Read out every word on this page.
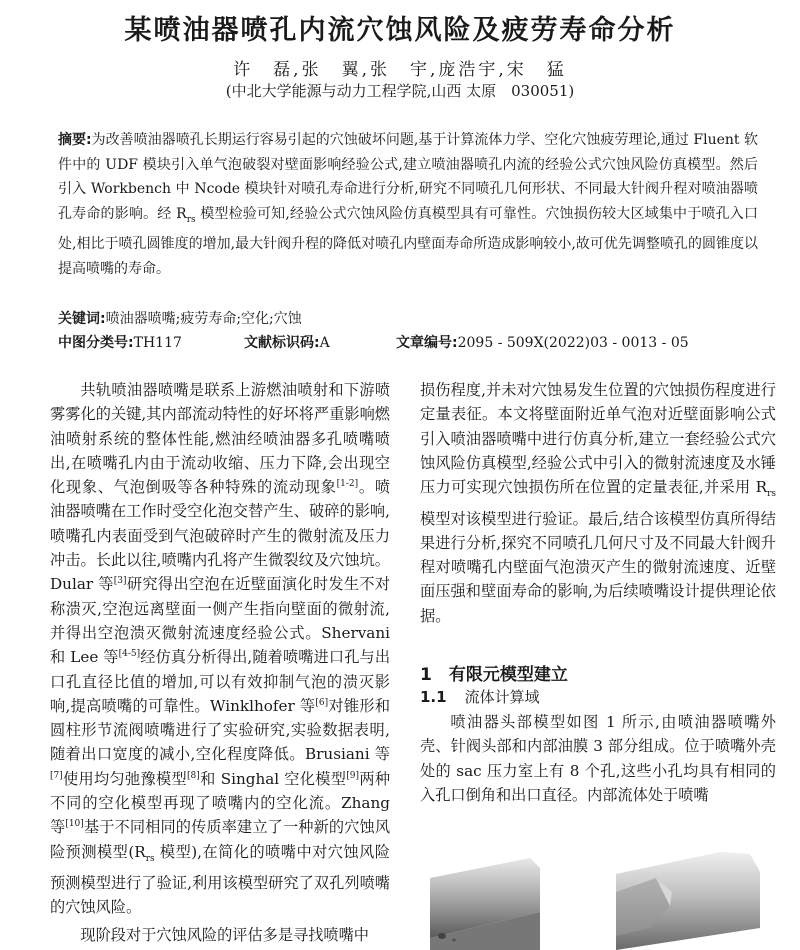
某喷油器喷孔内流穴蚀风险及疲劳寿命分析
许　磊,张　翼,张　宇,庞浩宇,宋　猛
(中北大学能源与动力工程学院,山西 太原　030051)
摘要:为改善喷油器喷孔长期运行容易引起的穴蚀破坏问题,基于计算流体力学、空化穴蚀疲劳理论,通过 Fluent 软件中的 UDF 模块引入单气泡破裂对壁面影响经验公式,建立喷油器喷孔内流的经验公式穴蚀风险仿真模型。然后引入 Workbench 中 Ncode 模块针对喷孔寿命进行分析,研究不同喷孔几何形状、不同最大针阀升程对喷油器喷孔寿命的影响。经 $R_{rs}$ 模型检验可知,经验公式穴蚀风险仿真模型具有可靠性。穴蚀损伤较大区域集中于喷孔入口处,相比于喷孔圆锥度的增加,最大针阀升程的降低对喷孔内壁面寿命所造成影响较小,故可优先调整喷孔的圆锥度以提高喷嘴的寿命。
关键词:喷油器喷嘴;疲劳寿命;空化;穴蚀
中图分类号:TH117	文献标识码:A	文章编号:2095 - 509X(2022)03 - 0013 - 05

共轨喷油器喷嘴是联系上游燃油喷射和下游喷雾雾化的关键,其内部流动特性的好坏将严重影响燃油喷射系统的整体性能,燃油经喷油器多孔喷嘴喷出,在喷嘴孔内由于流动收缩、压力下降,会出现空化现象、气泡倒吸等各种特殊的流动现象[1-2]。喷油器喷嘴在工作时受空化泡交替产生、破碎的影响,喷嘴孔内表面受到气泡破碎时产生的微射流及压力冲击。长此以往,喷嘴内孔将产生微裂纹及穴蚀坑。Dular 等[3]研究得出空泡在近壁面演化时发生不对称溃灭,空泡远离壁面一侧产生指向壁面的微射流,并得出空泡溃灭微射流速度经验公式。Shervani 和 Lee 等[4-5]经仿真分析得出,随着喷嘴进口孔与出口孔直径比值的增加,可以有效抑制气泡的溃灭影响,提高喷嘴的可靠性。Winklhofer 等[6]对锥形和圆柱形节流阀喷嘴进行了实验研究,实验数据表明,随着出口宽度的减小,空化程度降低。Brusiani 等[7]使用均匀弛豫模型[8]和 Singhal 空化模型[9]两种不同的空化模型再现了喷嘴内的空化流。Zhang 等[10]基于不同相同的传质率建立了一种新的穴蚀风险预测模型($R_{rs}$ 模型),在简化的喷嘴中对穴蚀风险预测模型进行了验证,利用该模型研究了双孔列喷嘴的穴蚀风险。

现阶段对于穴蚀风险的评估多是寻找喷嘴中

损伤程度,并未对穴蚀易发生位置的穴蚀损伤程度进行定量表征。本文将壁面附近单气泡对近壁面影响公式引入喷油器喷嘴中进行仿真分析,建立一套经验公式穴蚀风险仿真模型,经验公式中引入的微射流速度及水锤压力可实现穴蚀损伤所在位置的定量表征,并采用 $R_{rs}$ 模型对该模型进行验证。最后,结合该模型仿真所得结果进行分析,探究不同喷孔几何尺寸及不同最大针阀升程对喷嘴孔内壁面气泡溃灭产生的微射流速度、近壁面压强和壁面寿命的影响,为后续喷嘴设计提供理论依据。

1　有限元模型建立
1.1 流体计算域

喷油器头部模型如图 1 所示,由喷油器喷嘴外壳、针阀头部和内部油膜 3 部分组成。位于喷嘴外壳处的 sac 压力室上有 8 个孔,这些小孔均具有相同的入孔口倒角和出口直径。内部流体处于喷嘴
